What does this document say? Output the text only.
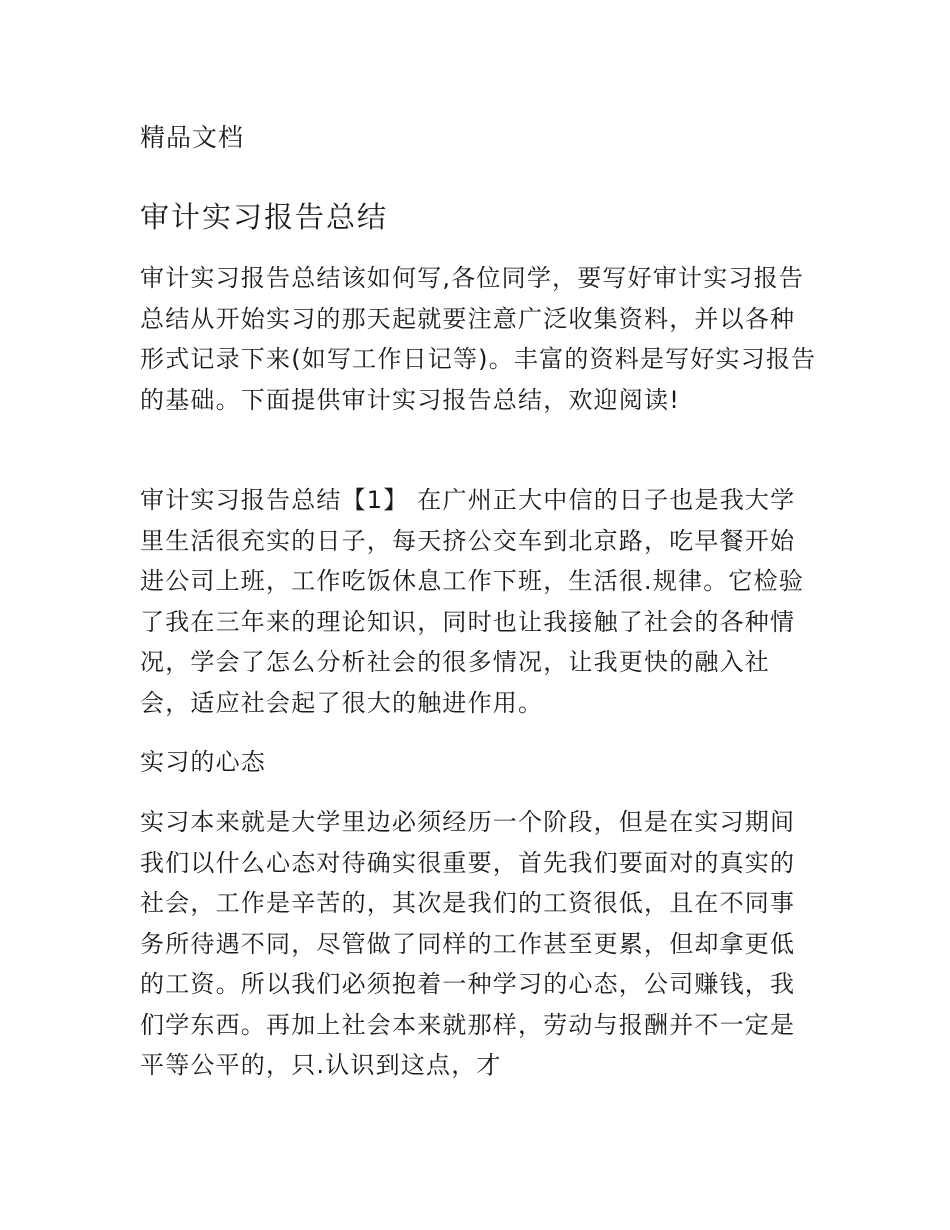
精品文档
审计实习报告总结
审计实习报告总结该如何写,各位同学，要写好审计实习报告总结从开始实习的那天起就要注意广泛收集资料，并以各种形式记录下来(如写工作日记等)。丰富的资料是写好实习报告的基础。下面提供审计实习报告总结，欢迎阅读!
审计实习报告总结【1】 在广州正大中信的日子也是我大学里生活很充实的日子，每天挤公交车到北京路，吃早餐开始进公司上班，工作吃饭休息工作下班，生活很.规律。它检验了我在三年来的理论知识，同时也让我接触了社会的各种情况，学会了怎么分析社会的很多情况，让我更快的融入社会，适应社会起了很大的触进作用。
实习的心态
实习本来就是大学里边必须经历一个阶段，但是在实习期间我们以什么心态对待确实很重要，首先我们要面对的真实的社会，工作是辛苦的，其次是我们的工资很低，且在不同事务所待遇不同，尽管做了同样的工作甚至更累，但却拿更低的工资。所以我们必须抱着一种学习的心态，公司赚钱，我们学东西。再加上社会本来就那样，劳动与报酬并不一定是平等公平的，只.认识到这点，才
